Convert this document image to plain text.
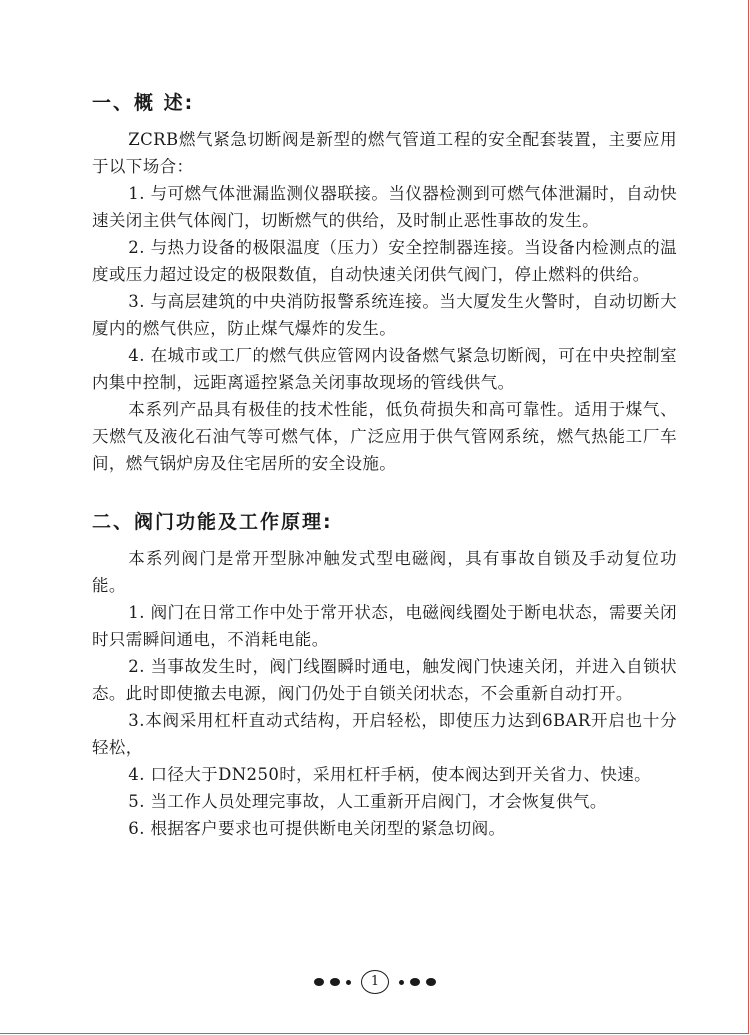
一、概 述:

ZCRB燃气紧急切断阀是新型的燃气管道工程的安全配套装置，主要应用于以下场合：

1. 与可燃气体泄漏监测仪器联接。当仪器检测到可燃气体泄漏时，自动快速关闭主供气体阀门，切断燃气的供给，及时制止恶性事故的发生。

2. 与热力设备的极限温度（压力）安全控制器连接。当设备内检测点的温度或压力超过设定的极限数值，自动快速关闭供气阀门，停止燃料的供给。

3. 与高层建筑的中央消防报警系统连接。当大厦发生火警时，自动切断大厦内的燃气供应，防止煤气爆炸的发生。

4. 在城市或工厂的燃气供应管网内设备燃气紧急切断阀，可在中央控制室内集中控制，远距离遥控紧急关闭事故现场的管线供气。

本系列产品具有极佳的技术性能，低负荷损失和高可靠性。适用于煤气、天燃气及液化石油气等可燃气体，广泛应用于供气管网系统，燃气热能工厂车间，燃气锅炉房及住宅居所的安全设施。

二、阀门功能及工作原理:

本系列阀门是常开型脉冲触发式型电磁阀，具有事故自锁及手动复位功能。

1. 阀门在日常工作中处于常开状态，电磁阀线圈处于断电状态，需要关闭时只需瞬间通电，不消耗电能。

2. 当事故发生时，阀门线圈瞬时通电，触发阀门快速关闭，并进入自锁状态。此时即使撤去电源，阀门仍处于自锁关闭状态，不会重新自动打开。

3.本阀采用杠杆直动式结构，开启轻松，即使压力达到6BAR开启也十分轻松，

4. 口径大于DN250时，采用杠杆手柄，使本阀达到开关省力、快速。

5. 当工作人员处理完事故，人工重新开启阀门，才会恢复供气。

6. 根据客户要求也可提供断电关闭型的紧急切阀。

1
